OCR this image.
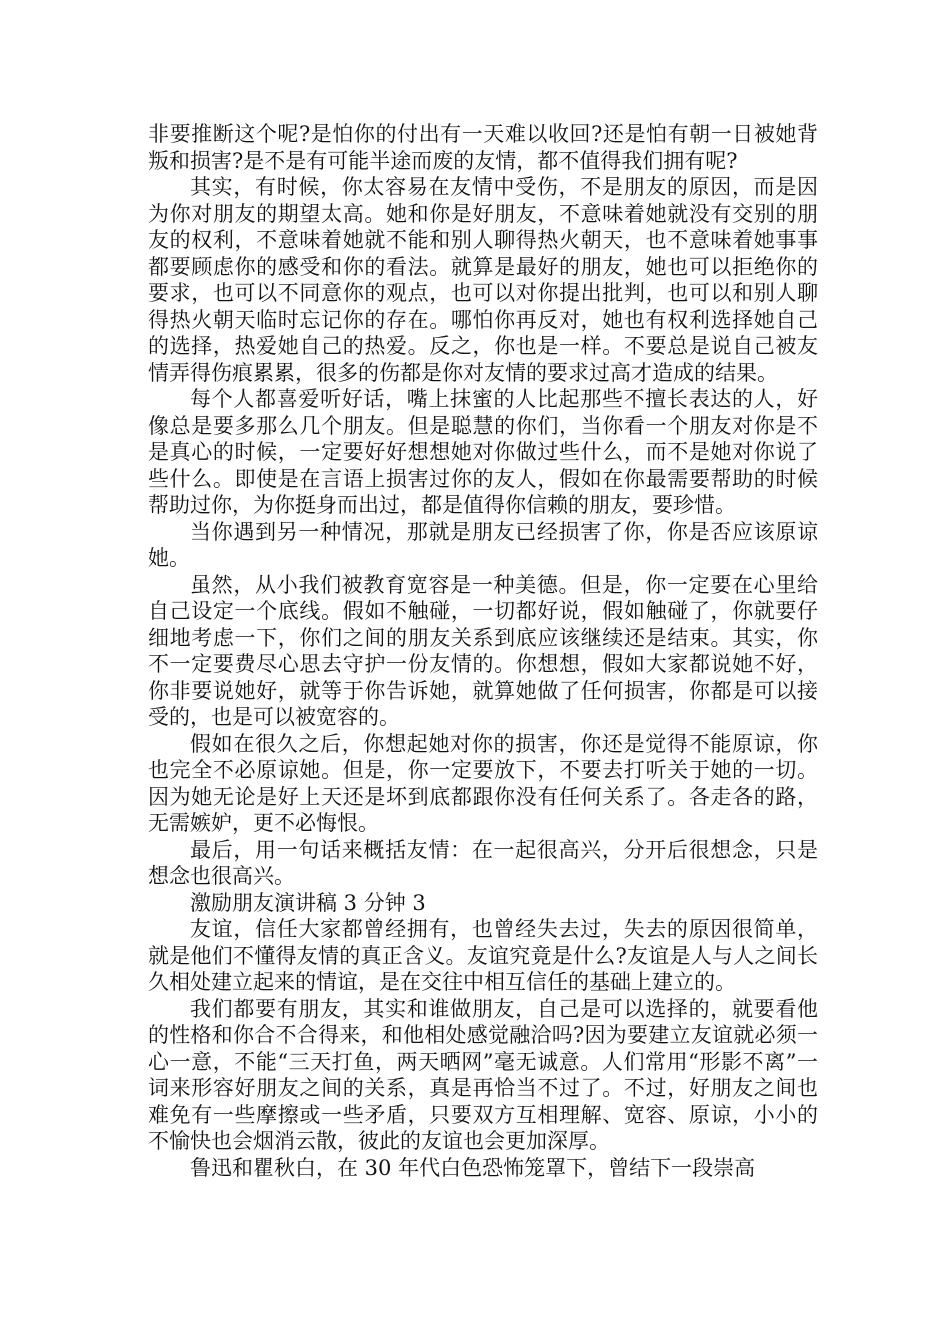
非要推断这个呢?是怕你的付出有一天难以收回?还是怕有朝一日被她背叛和损害?是不是有可能半途而废的友情，都不值得我们拥有呢?

其实，有时候，你太容易在友情中受伤，不是朋友的原因，而是因为你对朋友的期望太高。她和你是好朋友，不意味着她就没有交别的朋友的权利，不意味着她就不能和别人聊得热火朝天，也不意味着她事事都要顾虑你的感受和你的看法。就算是最好的朋友，她也可以拒绝你的要求，也可以不同意你的观点，也可以对你提出批判，也可以和别人聊得热火朝天临时忘记你的存在。哪怕你再反对，她也有权利选择她自己的选择，热爱她自己的热爱。反之，你也是一样。不要总是说自己被友情弄得伤痕累累，很多的伤都是你对友情的要求过高才造成的结果。

每个人都喜爱听好话，嘴上抹蜜的人比起那些不擅长表达的人，好像总是要多那么几个朋友。但是聪慧的你们，当你看一个朋友对你是不是真心的时候，一定要好好想想她对你做过些什么，而不是她对你说了些什么。即使是在言语上损害过你的友人，假如在你最需要帮助的时候帮助过你，为你挺身而出过，都是值得你信赖的朋友，要珍惜。

当你遇到另一种情况，那就是朋友已经损害了你，你是否应该原谅她。

虽然，从小我们被教育宽容是一种美德。但是，你一定要在心里给自己设定一个底线。假如不触碰，一切都好说，假如触碰了，你就要仔细地考虑一下，你们之间的朋友关系到底应该继续还是结束。其实，你不一定要费尽心思去守护一份友情的。你想想，假如大家都说她不好，你非要说她好，就等于你告诉她，就算她做了任何损害，你都是可以接受的，也是可以被宽容的。

假如在很久之后，你想起她对你的损害，你还是觉得不能原谅，你也完全不必原谅她。但是，你一定要放下，不要去打听关于她的一切。因为她无论是好上天还是坏到底都跟你没有任何关系了。各走各的路，无需嫉妒，更不必悔恨。

最后，用一句话来概括友情：在一起很高兴，分开后很想念，只是想念也很高兴。

激励朋友演讲稿 3 分钟 3

友谊，信任大家都曾经拥有，也曾经失去过，失去的原因很简单，就是他们不懂得友情的真正含义。友谊究竟是什么?友谊是人与人之间长久相处建立起来的情谊，是在交往中相互信任的基础上建立的。

我们都要有朋友，其实和谁做朋友，自己是可以选择的，就要看他的性格和你合不合得来，和他相处感觉融洽吗?因为要建立友谊就必须一心一意，不能“三天打鱼，两天晒网”毫无诚意。人们常用“形影不离”一词来形容好朋友之间的关系，真是再恰当不过了。不过，好朋友之间也难免有一些摩擦或一些矛盾，只要双方互相理解、宽容、原谅，小小的不愉快也会烟消云散，彼此的友谊也会更加深厚。

鲁迅和瞿秋白，在 30 年代白色恐怖笼罩下，曾结下一段崇高
